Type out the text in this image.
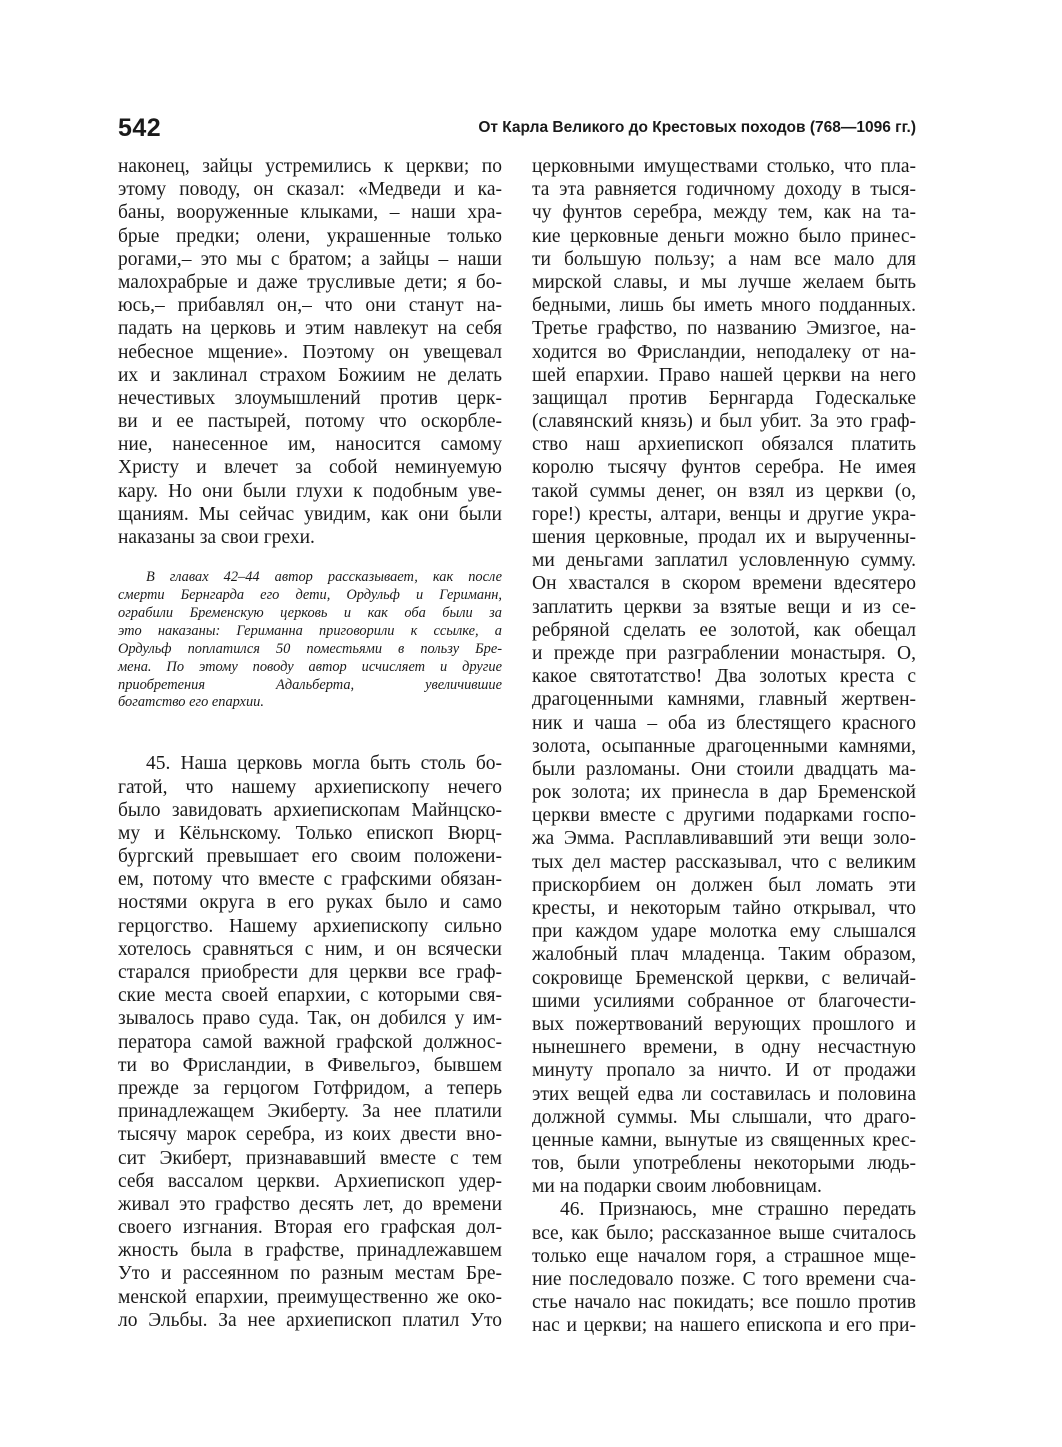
542	От Карла Великого до Крестовых походов (768—1096 гг.)
наконец, зайцы устремились к церкви; по
этому поводу, он сказал: «Медведи и ка-
баны, вооруженные клыками, – наши хра-
брые предки; олени, украшенные только
рогами,– это мы с братом; а зайцы – наши
малохрабрые и даже трусливые дети; я бо-
юсь,– прибавлял он,– что они станут на-
падать на церковь и этим навлекут на себя
небесное мщение». Поэтому он увещевал
их и заклинал страхом Божиим не делать
нечестивых злоумышлений против церк-
ви и ее пастырей, потому что оскорбле-
ние, нанесенное им, наносится самому
Христу и влечет за собой неминуемую
кару. Но они были глухи к подобным уве-
щаниям. Мы сейчас увидим, как они были
наказаны за свои грехи.
В главах 42–44 автор рассказывает, как после
смерти Бернгарда его дети, Ордульф и Гериманн,
ограбили Бременскую церковь и как оба были за
это наказаны: Гериманна приговорили к ссылке, а
Ордульф поплатился 50 поместьями в пользу Бре-
мена. По этому поводу автор исчисляет и другие
приобретения Адальберта, увеличившие
богатство его епархии.
45. Наша церковь могла быть столь бо-
гатой, что нашему архиепископу нечего
было завидовать архиепископам Майнцско-
му и Кёльнскому. Только епископ Вюрц-
бургский превышает его своим положени-
ем, потому что вместе с графскими обязан-
ностями округа в его руках было и само
герцогство. Нашему архиепископу сильно
хотелось сравняться с ним, и он всячески
старался приобрести для церкви все граф-
ские места своей епархии, с которыми свя-
зывалось право суда. Так, он добился у им-
ператора самой важной графской должнос-
ти во Фрисландии, в Фивельгоэ, бывшем
прежде за герцогом Готфридом, а теперь
принадлежащем Экиберту. За нее платили
тысячу марок серебра, из коих двести вно-
сит Экиберт, признававший вместе с тем
себя вассалом церкви. Архиепископ удер-
живал это графство десять лет, до времени
своего изгнания. Вторая его графская дол-
жность была в графстве, принадлежавшем
Уто и рассеянном по разным местам Бре-
менской епархии, преимущественно же око-
ло Эльбы. За нее архиепископ платил Уто
церковными имуществами столько, что пла-
та эта равняется годичному доходу в тыся-
чу фунтов серебра, между тем, как на та-
кие церковные деньги можно было принес-
ти большую пользу; а нам все мало для
мирской славы, и мы лучше желаем быть
бедными, лишь бы иметь много подданных.
Третье графство, по названию Эмизгое, на-
ходится во Фрисландии, неподалеку от на-
шей епархии. Право нашей церкви на него
защищал против Бернгарда Годескальке
(славянский князь) и был убит. За это граф-
ство наш архиепископ обязался платить
королю тысячу фунтов серебра. Не имея
такой суммы денег, он взял из церкви (о,
горе!) кресты, алтари, венцы и другие укра-
шения церковные, продал их и вырученны-
ми деньгами заплатил условленную сумму.
Он хвастался в скором времени вдесятеро
заплатить церкви за взятые вещи и из се-
ребряной сделать ее золотой, как обещал
и прежде при разграблении монастыря. О,
какое святотатство! Два золотых креста с
драгоценными камнями, главный жертвен-
ник и чаша – оба из блестящего красного
золота, осыпанные драгоценными камнями,
были разломаны. Они стоили двадцать ма-
рок золота; их принесла в дар Бременской
церкви вместе с другими подарками госпо-
жа Эмма. Расплавливавший эти вещи золо-
тых дел мастер рассказывал, что с великим
прискорбием он должен был ломать эти
кресты, и некоторым тайно открывал, что
при каждом ударе молотка ему слышался
жалобный плач младенца. Таким образом,
сокровище Бременской церкви, с величай-
шими усилиями собранное от благочести-
вых пожертвований верующих прошлого и
нынешнего времени, в одну несчастную
минуту пропало за ничто. И от продажи
этих вещей едва ли составилась и половина
должной суммы. Мы слышали, что драго-
ценные камни, вынутые из священных крес-
тов, были употреблены некоторыми людь-
ми на подарки своим любовницам.
46. Признаюсь, мне страшно передать
все, как было; рассказанное выше считалось
только еще началом горя, а страшное мще-
ние последовало позже. С того времени сча-
стье начало нас покидать; все пошло против
нас и церкви; на нашего епископа и его при-
